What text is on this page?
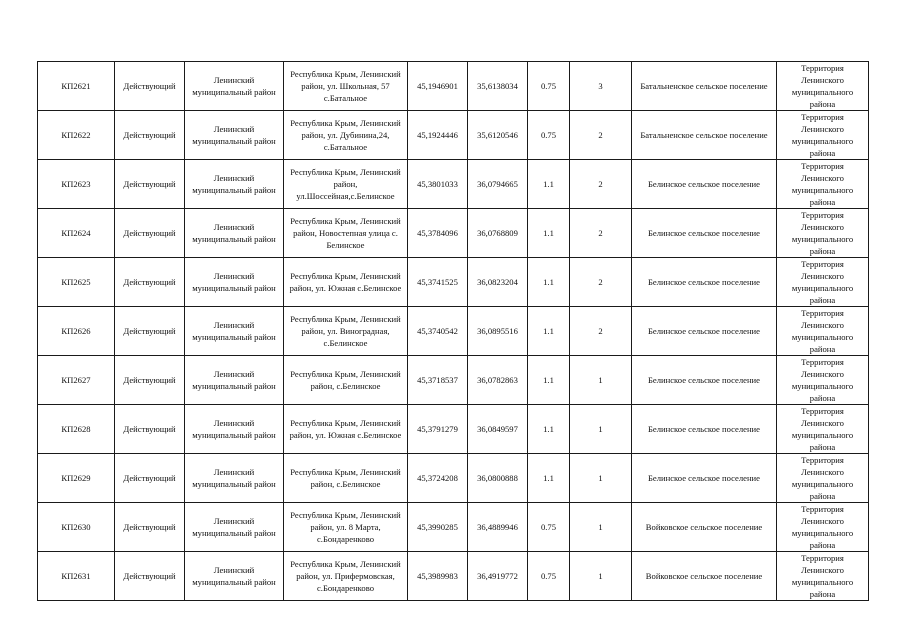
КП2621	Действующий	Ленинский муниципальный район	Республика Крым, Ленинский район, ул. Школьная, 57 с.Батальное	45,1946901	35,6138034	0.75	3	Батальненское сельское поселение	Территория Ленинского муниципального района
КП2622	Действующий	Ленинский муниципальный район	Республика Крым, Ленинский район, ул. Дубинина,24, с.Батальное	45,1924446	35,6120546	0.75	2	Батальненское сельское поселение	Территория Ленинского муниципального района
КП2623	Действующий	Ленинский муниципальный район	Республика Крым, Ленинский район, ул.Шоссейная,с.Белинское	45,3801033	36,0794665	1.1	2	Белинское сельское поселение	Территория Ленинского муниципального района
КП2624	Действующий	Ленинский муниципальный район	Республика Крым, Ленинский район, Новостепная улица с. Белинское	45,3784096	36,0768809	1.1	2	Белинское сельское поселение	Территория Ленинского муниципального района
КП2625	Действующий	Ленинский муниципальный район	Республика Крым, Ленинский район, ул. Южная с.Белинское	45,3741525	36,0823204	1.1	2	Белинское сельское поселение	Территория Ленинского муниципального района
КП2626	Действующий	Ленинский муниципальный район	Республика Крым, Ленинский район, ул. Виноградная, с.Белинское	45,3740542	36,0895516	1.1	2	Белинское сельское поселение	Территория Ленинского муниципального района
КП2627	Действующий	Ленинский муниципальный район	Республика Крым, Ленинский район, с.Белинское	45,3718537	36,0782863	1.1	1	Белинское сельское поселение	Территория Ленинского муниципального района
КП2628	Действующий	Ленинский муниципальный район	Республика Крым, Ленинский район, ул. Южная с.Белинское	45,3791279	36,0849597	1.1	1	Белинское сельское поселение	Территория Ленинского муниципального района
КП2629	Действующий	Ленинский муниципальный район	Республика Крым, Ленинский район, с.Белинское	45,3724208	36,0800888	1.1	1	Белинское сельское поселение	Территория Ленинского муниципального района
КП2630	Действующий	Ленинский муниципальный район	Республика Крым, Ленинский район, ул. 8 Марта, с.Бондаренково	45,3990285	36,4889946	0.75	1	Войковское сельское поселение	Территория Ленинского муниципального района
КП2631	Действующий	Ленинский муниципальный район	Республика Крым, Ленинский район, ул. Прифермовская, с.Бондаренково	45,3989983	36,4919772	0.75	1	Войковское сельское поселение	Территория Ленинского муниципального района
